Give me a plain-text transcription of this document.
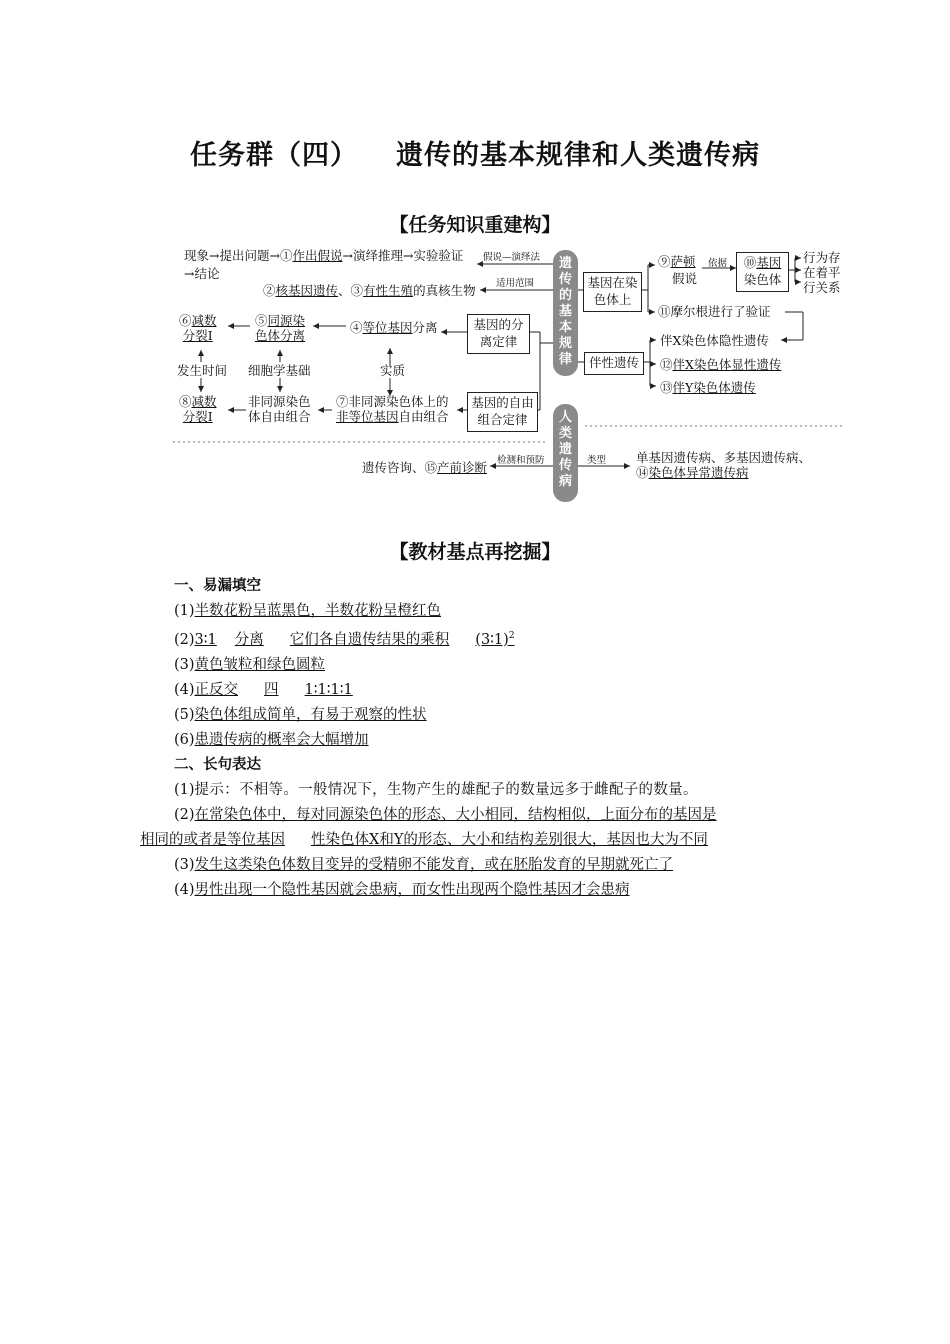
任务群（四） 遗传的基本规律和人类遗传病
【任务知识重建构】
遗传的基本规律
人类遗传病
现象→提出问题→①作出假说→演绎推理→实验验证
→结论
假说—演绎法
②核基因遗传、③有性生殖的真核生物 适用范围	基因在染色体上
⑨萨顿
假说
依据 ⑩基因
染色体
行为存在着平行关系
⑪摩尔根进行了验证
基因的分离定律
④等位基因分离
⑤同源染
色体分离
⑥减数
分裂Ⅰ
发生时间 细胞学基础	实质
⑧减数
分裂Ⅰ
非同源染色
体自由组合
⑦非同源染色体上的
非等位基因自由组合
基因的自由组合定律
伴性遗传
伴X染色体隐性遗传
⑫伴X染色体显性遗传
⑬伴Y染色体遗传
检测和预防
遗传咨询、⑮产前诊断	类型 单基因遗传病、多基因遗传病、
⑭染色体异常遗传病
【教材基点再挖掘】
一、易漏填空
(1)半数花粉呈蓝黑色，半数花粉呈橙红色
(2)3∶1 分离 它们各自遗传结果的乘积 (3∶1)$^2$
(3)黄色皱粒和绿色圆粒
(4)正反交 四 1∶1∶1∶1
(5)染色体组成简单，有易于观察的性状
(6)患遗传病的概率会大幅增加
二、长句表达
(1)提示：不相等。一般情况下，生物产生的雄配子的数量远多于雌配子的数量。
(2)在常染色体中，每对同源染色体的形态、大小相同，结构相似，上面分布的基因是
相同的或者是等位基因 性染色体X和Y的形态、大小和结构差别很大，基因也大为不同
(3)发生这类染色体数目变异的受精卵不能发育，或在胚胎发育的早期就死亡了
(4)男性出现一个隐性基因就会患病，而女性出现两个隐性基因才会患病
